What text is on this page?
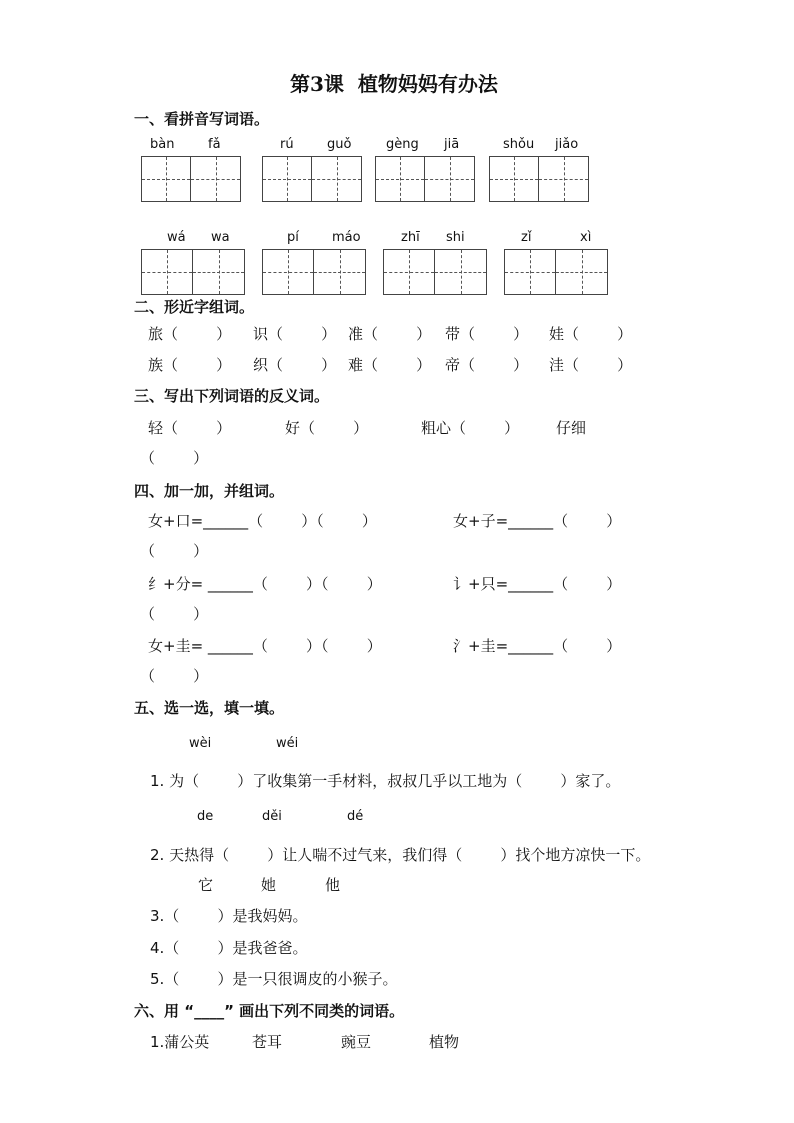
第3课  植物妈妈有办法
一、看拼音写词语。
bàn	fǎ	rú	guǒ	gèng jiā	shǒu jiǎo
wá wa	pí	máo	zhī shi	zǐ	xì
二、形近字组词。
旅（        ） 识（        ） 准（        ） 带（        ） 娃（        ）
族（        ） 织（        ） 难（        ） 帝（        ） 洼（        ）
三、写出下列词语的反义词。
轻（        ）	好（        ）	粗心（        ） 仔细
（        ）
四、加一加，并组词。
女+口=______（        ）（        ）	女+子=______（        ）
（        ）
纟+分= ______（        ）（        ）	讠+只=______（        ）
（        ）
女+圭= ______（        ）（        ）	氵+圭=______（        ）
（        ）
五、选一选，填一填。
wèi	wéi
1. 为（        ）了收集第一手材料，叔叔几乎以工地为（        ）家了。
de	děi	dé
2. 天热得（        ）让人喘不过气来，我们得（        ）找个地方凉快一下。
它	她	他
3.（        ）是我妈妈。
4.（        ）是我爸爸。
5.（        ）是一只很调皮的小猴子。
六、用 “____” 画出下列不同类的词语。
1.蒲公英	苍耳	豌豆	植物
